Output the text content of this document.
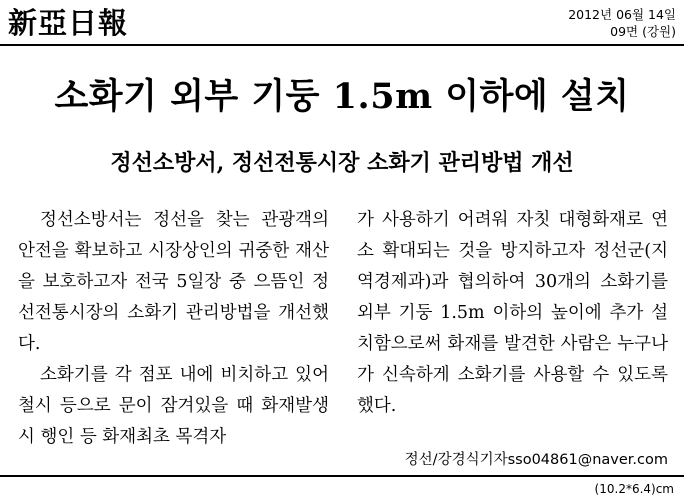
新亞日報	2012년 06월 14일
09면 (강원)
소화기 외부 기둥 1.5m 이하에 설치
정선소방서, 정선전통시장 소화기 관리방법 개선

정선소방서는 정선을 찾는 관광객의 안전을 확보하고 시장상인의 귀중한 재산을 보호하고자 전국 5일장 중 으뜸인 정선전통시장의 소화기 관리방법을 개선했다.

소화기를 각 점포 내에 비치하고 있어 철시 등으로 문이 잠겨있을 때 화재발생시 행인 등 화재최초 목격자

가 사용하기 어려워 자칫 대형화재로 연소 확대되는 것을 방지하고자 정선군(지역경제과)과 협의하여 30개의 소화기를 외부 기둥 1.5m 이하의 높이에 추가 설치함으로써 화재를 발견한 사람은 누구나가 신속하게 소화기를 사용할 수 있도록 했다.

정선/강경식기자sso04861@naver.com
(10.2*6.4)cm
